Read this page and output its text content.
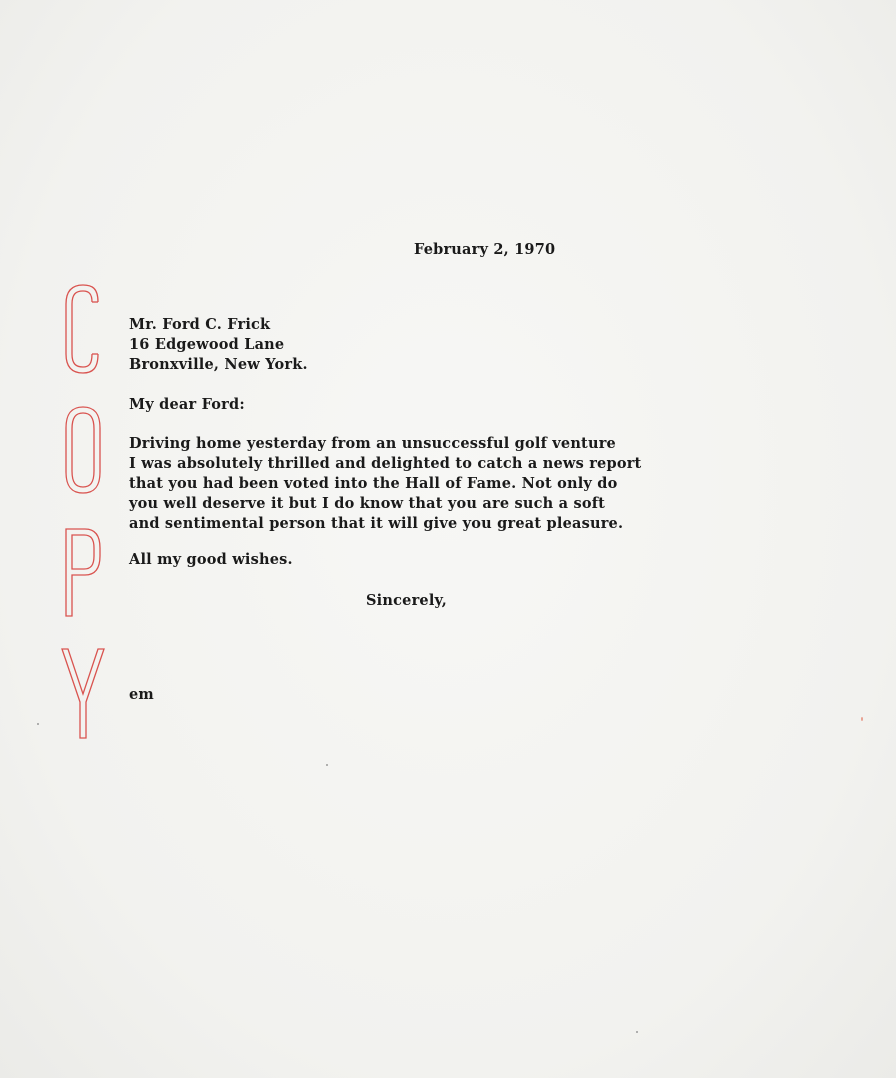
February 2, 1970
Mr. Ford C. Frick
16 Edgewood Lane
Bronxville, New York.
My dear Ford:
Driving home yesterday from an unsuccessful golf venture
I was absolutely thrilled and delighted to catch a news report
that you had been voted into the Hall of Fame. Not only do
you well deserve it but I do know that you are such a soft
and sentimental person that it will give you great pleasure.
All my good wishes.
Sincerely,
em
